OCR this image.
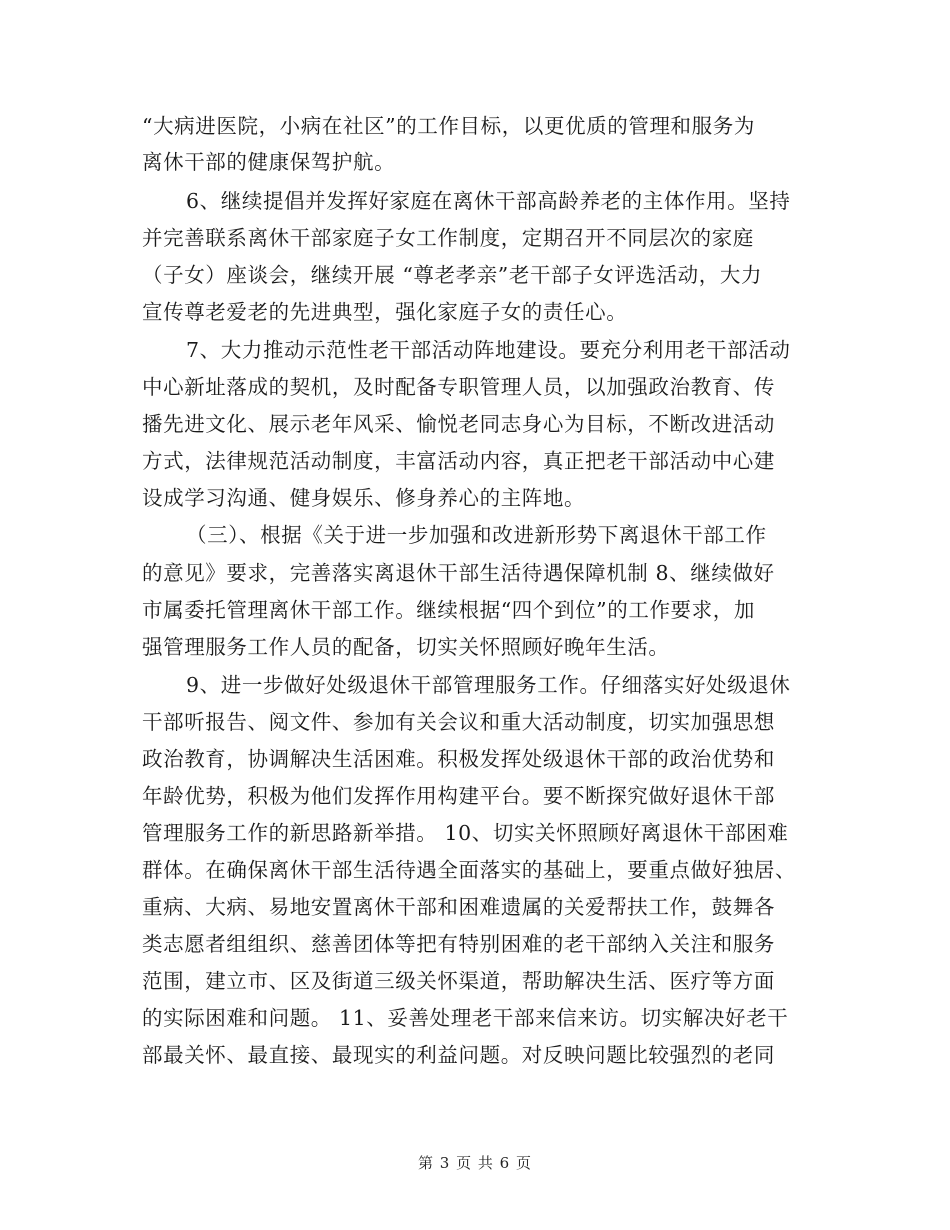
“大病进医院，小病在社区”的工作目标，以更优质的管理和服务为
离休干部的健康保驾护航。
6、继续提倡并发挥好家庭在离休干部高龄养老的主体作用。坚持
并完善联系离休干部家庭子女工作制度，定期召开不同层次的家庭
（子女）座谈会，继续开展 “尊老孝亲”老干部子女评选活动，大力
宣传尊老爱老的先进典型，强化家庭子女的责任心。
7、大力推动示范性老干部活动阵地建设。要充分利用老干部活动
中心新址落成的契机，及时配备专职管理人员，以加强政治教育、传
播先进文化、展示老年风采、愉悦老同志身心为目标，不断改进活动
方式，法律规范活动制度，丰富活动内容，真正把老干部活动中心建
设成学习沟通、健身娱乐、修身养心的主阵地。
（三）、根据《关于进一步加强和改进新形势下离退休干部工作
的意见》要求，完善落实离退休干部生活待遇保障机制 8、继续做好
市属委托管理离休干部工作。继续根据“四个到位”的工作要求，加
强管理服务工作人员的配备，切实关怀照顾好晚年生活。
9、进一步做好处级退休干部管理服务工作。仔细落实好处级退休
干部听报告、阅文件、参加有关会议和重大活动制度，切实加强思想
政治教育，协调解决生活困难。积极发挥处级退休干部的政治优势和
年龄优势，积极为他们发挥作用构建平台。要不断探究做好退休干部
管理服务工作的新思路新举措。 10、切实关怀照顾好离退休干部困难
群体。在确保离休干部生活待遇全面落实的基础上，要重点做好独居、
重病、大病、易地安置离休干部和困难遗属的关爱帮扶工作，鼓舞各
类志愿者组组织、慈善团体等把有特别困难的老干部纳入关注和服务
范围，建立市、区及街道三级关怀渠道，帮助解决生活、医疗等方面
的实际困难和问题。 11、妥善处理老干部来信来访。切实解决好老干
部最关怀、最直接、最现实的利益问题。对反映问题比较强烈的老同
第 3 页 共 6 页
